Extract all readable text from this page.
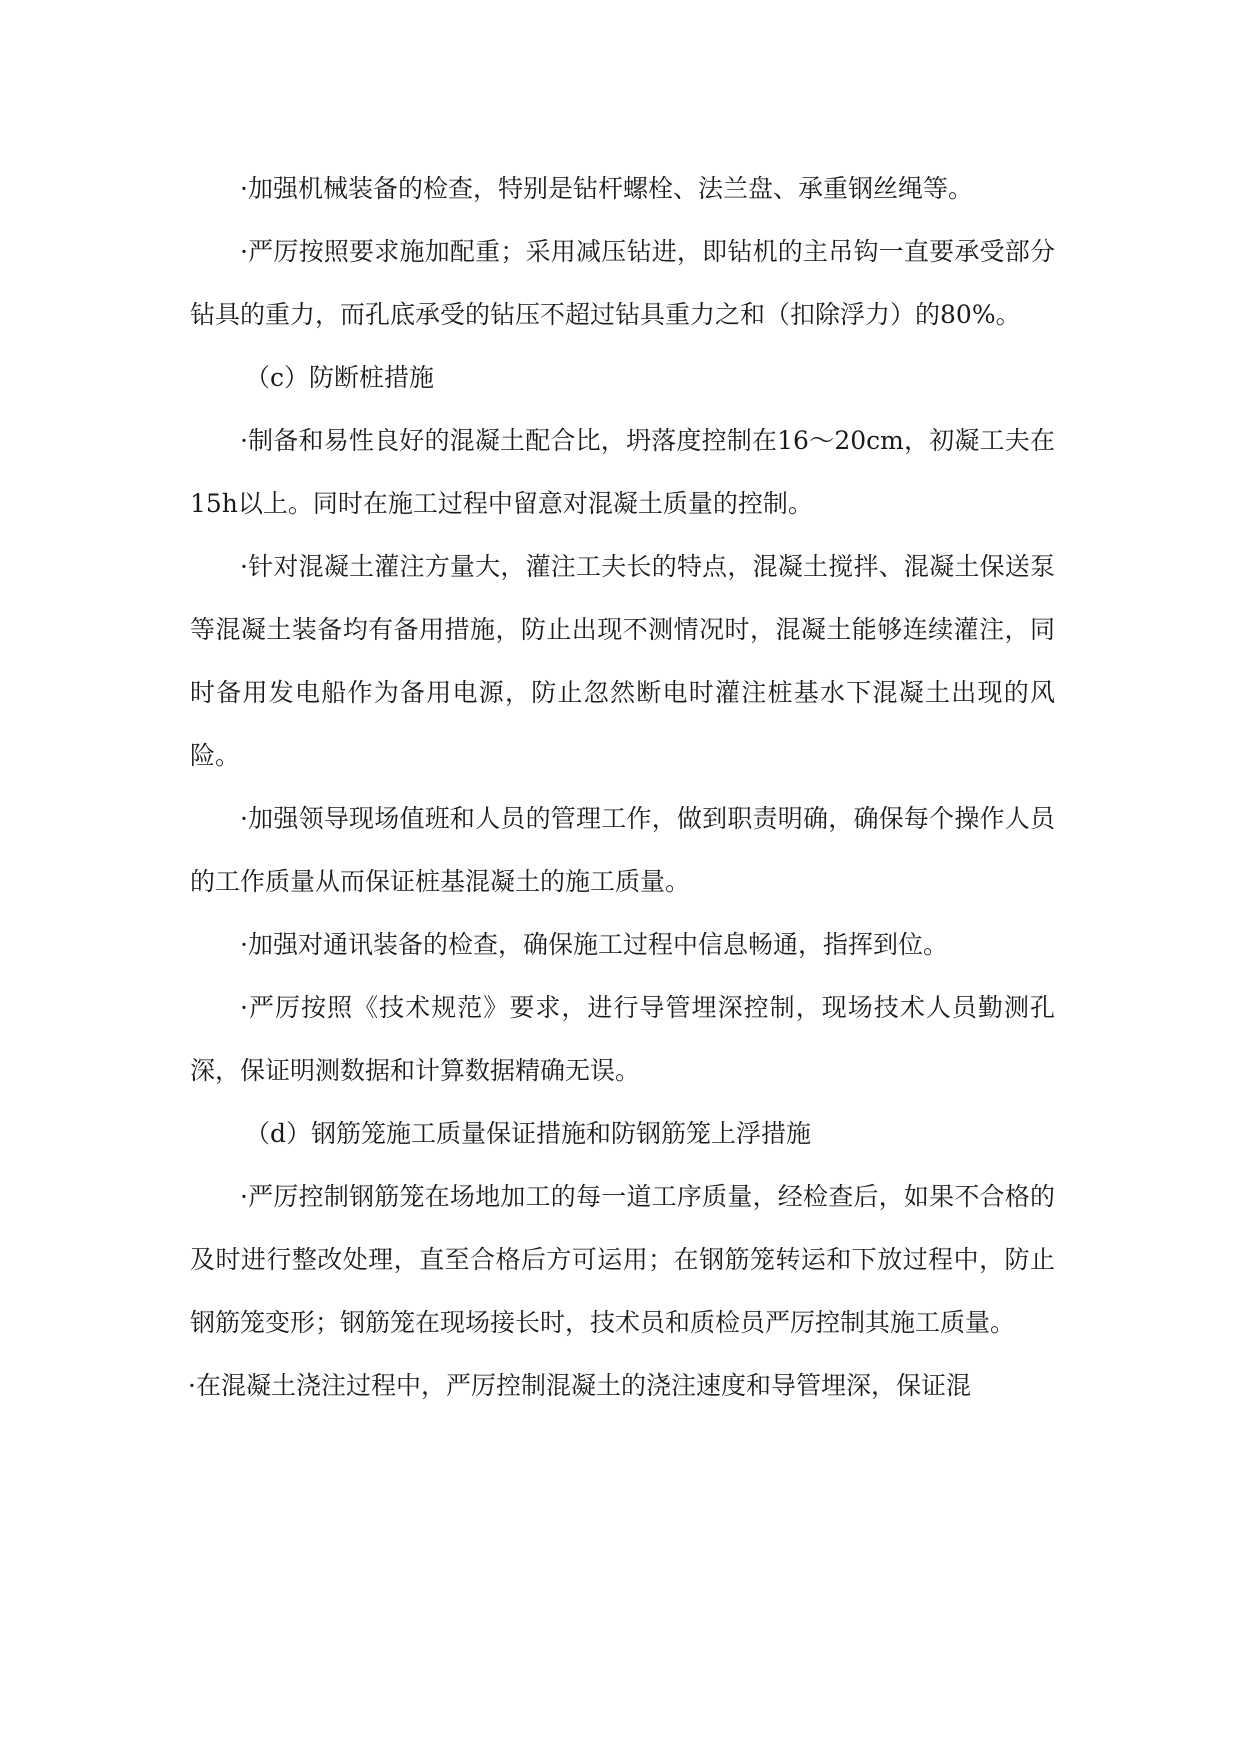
·加强机械装备的检查，特别是钻杆螺栓、法兰盘、承重钢丝绳等。

·严厉按照要求施加配重；采用减压钻进，即钻机的主吊钩一直要承受部分钻具的重力，而孔底承受的钻压不超过钻具重力之和（扣除浮力）的80%。

（c）防断桩措施

·制备和易性良好的混凝土配合比，坍落度控制在16～20cm，初凝工夫在15h以上。同时在施工过程中留意对混凝土质量的控制。

·针对混凝土灌注方量大，灌注工夫长的特点，混凝土搅拌、混凝土保送泵等混凝土装备均有备用措施，防止出现不测情况时，混凝土能够连续灌注，同时备用发电船作为备用电源，防止忽然断电时灌注桩基水下混凝土出现的风险。

·加强领导现场值班和人员的管理工作，做到职责明确，确保每个操作人员的工作质量从而保证桩基混凝土的施工质量。

·加强对通讯装备的检查，确保施工过程中信息畅通，指挥到位。

·严厉按照《技术规范》要求，进行导管埋深控制，现场技术人员勤测孔深，保证明测数据和计算数据精确无误。

（d）钢筋笼施工质量保证措施和防钢筋笼上浮措施

·严厉控制钢筋笼在场地加工的每一道工序质量，经检查后，如果不合格的及时进行整改处理，直至合格后方可运用；在钢筋笼转运和下放过程中，防止钢筋笼变形；钢筋笼在现场接长时，技术员和质检员严厉控制其施工质量。

·在混凝土浇注过程中，严厉控制混凝土的浇注速度和导管埋深，保证混
